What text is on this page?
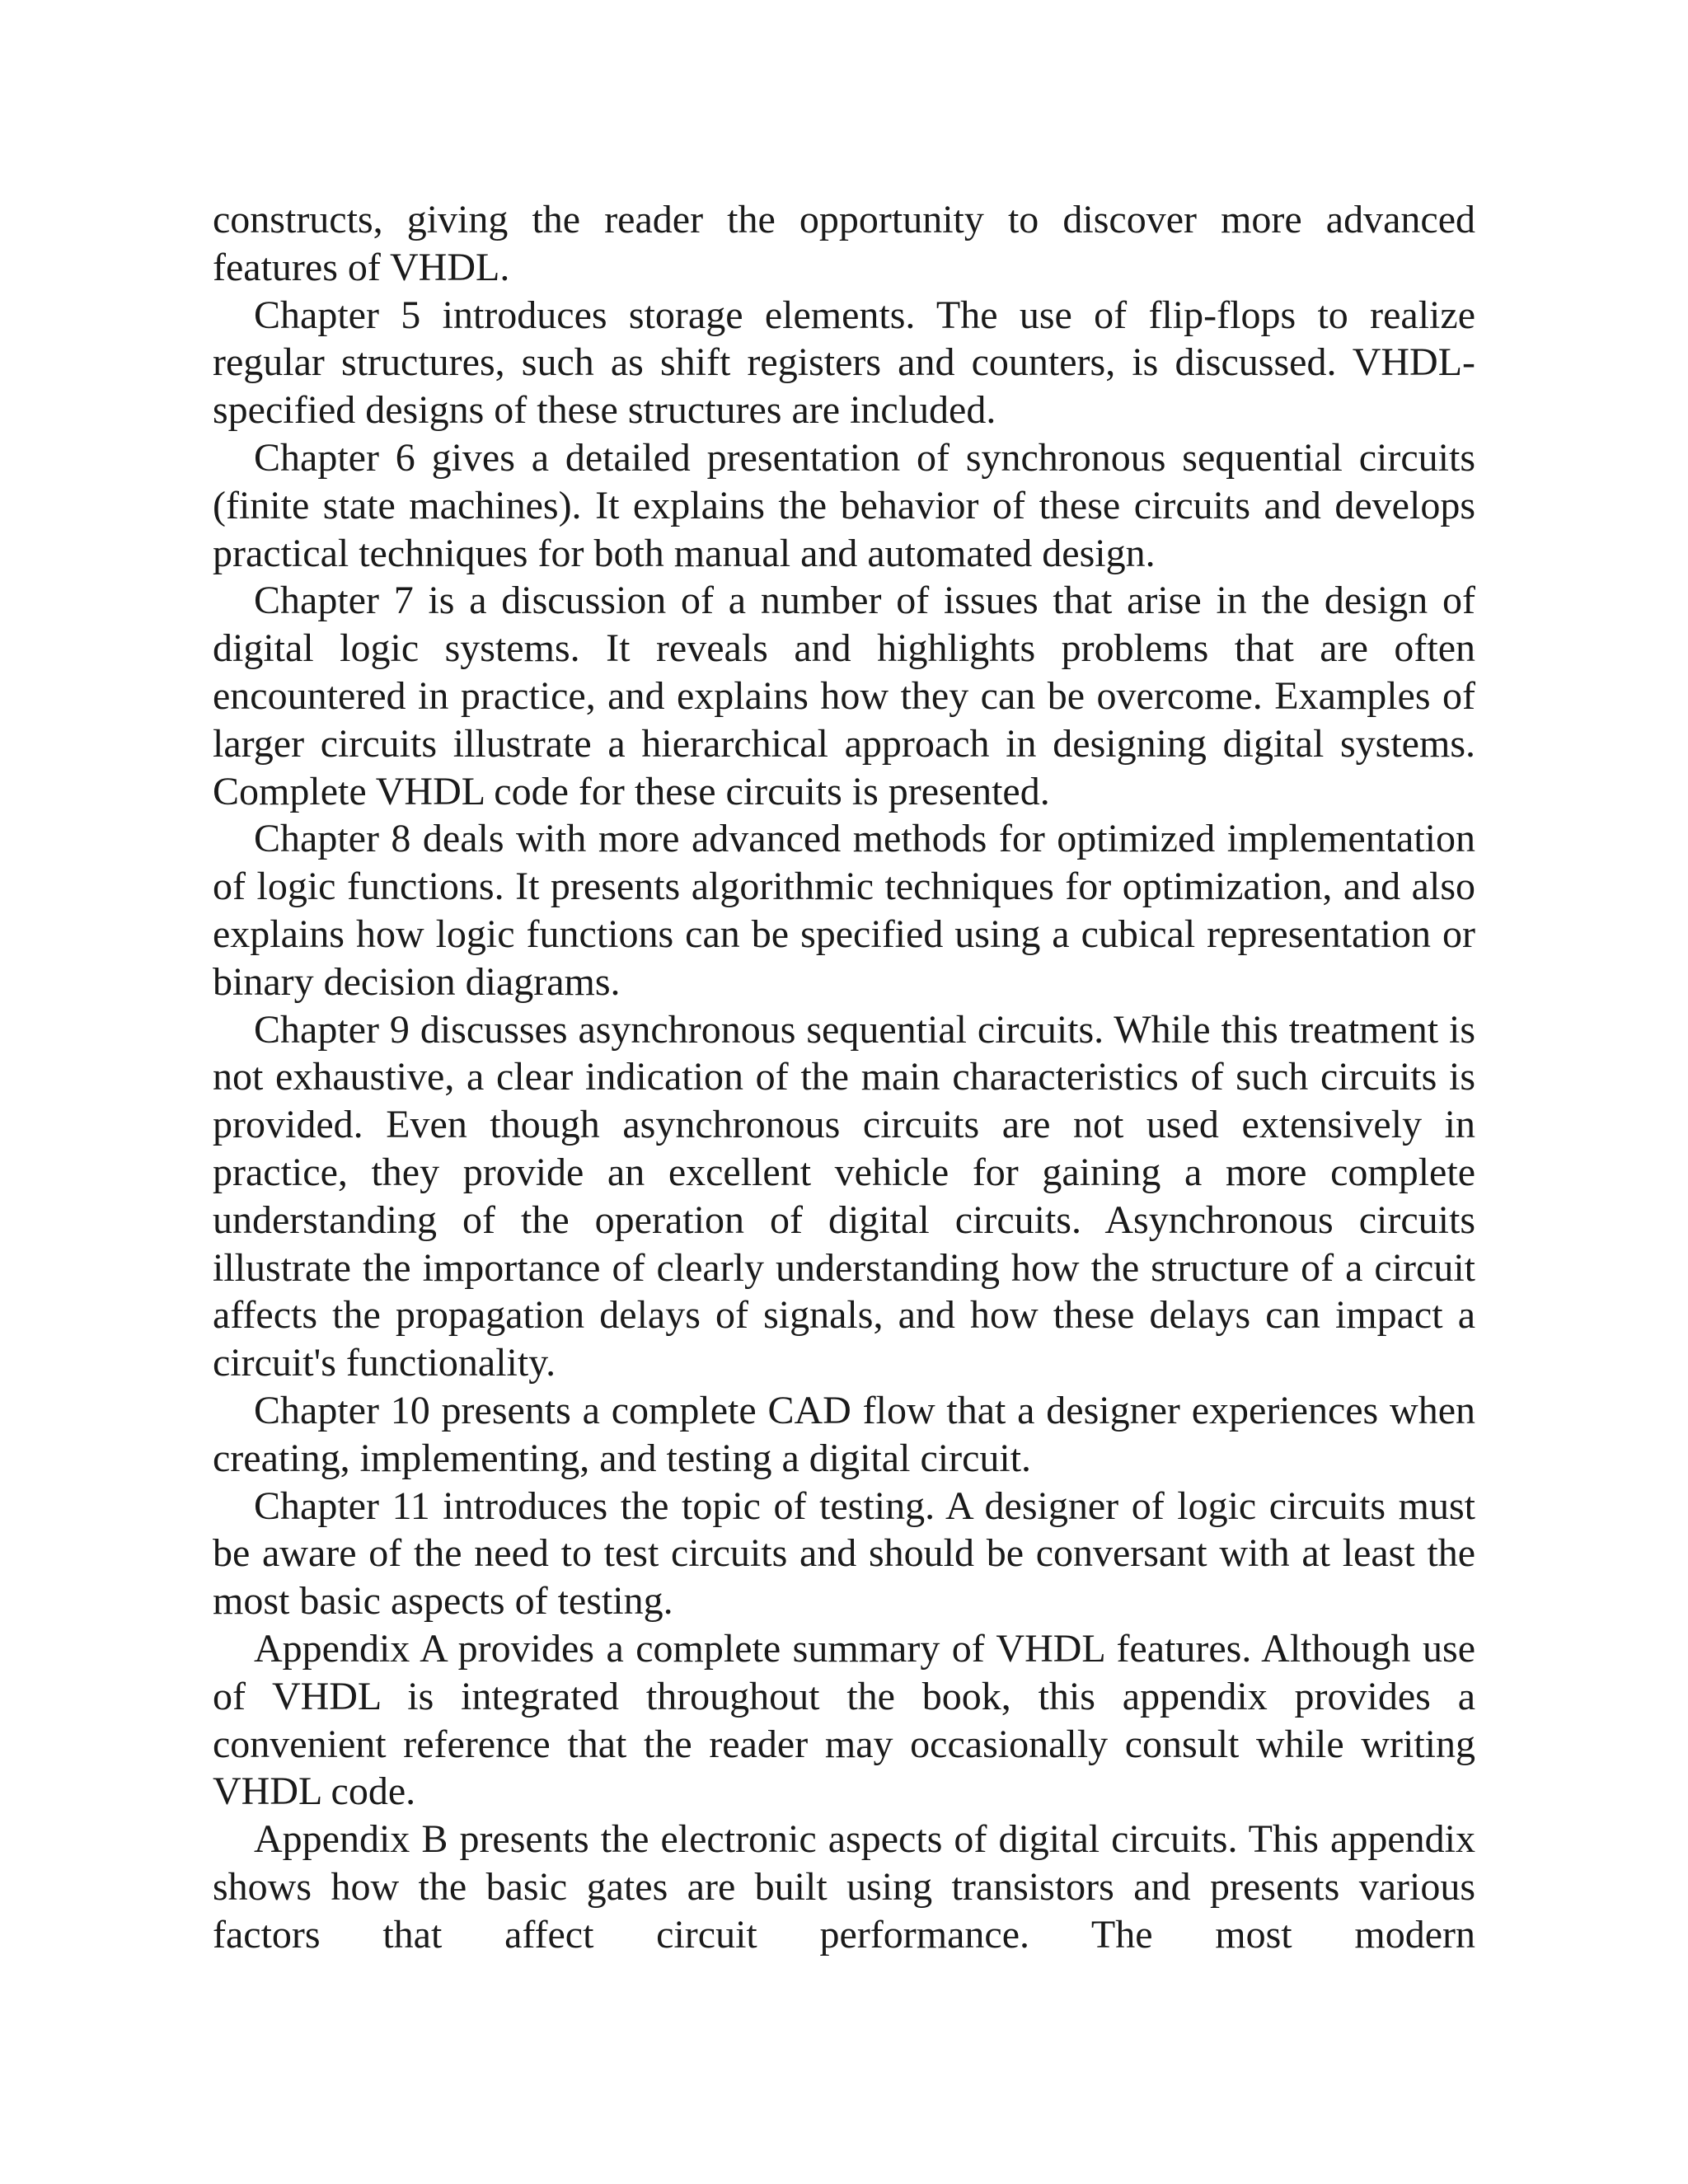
constructs, giving the reader the opportunity to discover more advanced features of VHDL.

Chapter 5 introduces storage elements. The use of flip-flops to realize regular structures, such as shift registers and counters, is discussed. VHDL-specified designs of these structures are included.

Chapter 6 gives a detailed presentation of synchronous sequential circuits (finite state machines). It explains the behavior of these circuits and develops practical techniques for both manual and automated design.

Chapter 7 is a discussion of a number of issues that arise in the design of digital logic systems. It reveals and highlights problems that are often encountered in practice, and explains how they can be overcome. Examples of larger circuits illustrate a hierarchical approach in designing digital systems. Complete VHDL code for these circuits is presented.

Chapter 8 deals with more advanced methods for optimized implementation of logic functions. It presents algorithmic techniques for optimization, and also explains how logic functions can be specified using a cubical representation or binary decision diagrams.

Chapter 9 discusses asynchronous sequential circuits. While this treatment is not exhaustive, a clear indication of the main characteristics of such circuits is provided. Even though asynchronous circuits are not used extensively in practice, they provide an excellent vehicle for gaining a more complete understanding of the operation of digital circuits. Asynchronous circuits illustrate the importance of clearly understanding how the structure of a circuit affects the propagation delays of signals, and how these delays can impact a circuit's functionality.

Chapter 10 presents a complete CAD flow that a designer experiences when creating, implementing, and testing a digital circuit.

Chapter 11 introduces the topic of testing. A designer of logic circuits must be aware of the need to test circuits and should be conversant with at least the most basic aspects of testing.

Appendix A provides a complete summary of VHDL features. Although use of VHDL is integrated throughout the book, this appendix provides a convenient reference that the reader may occasionally consult while writing VHDL code.

Appendix B presents the electronic aspects of digital circuits. This appendix shows how the basic gates are built using transistors and presents various factors that affect circuit performance. The most modern
